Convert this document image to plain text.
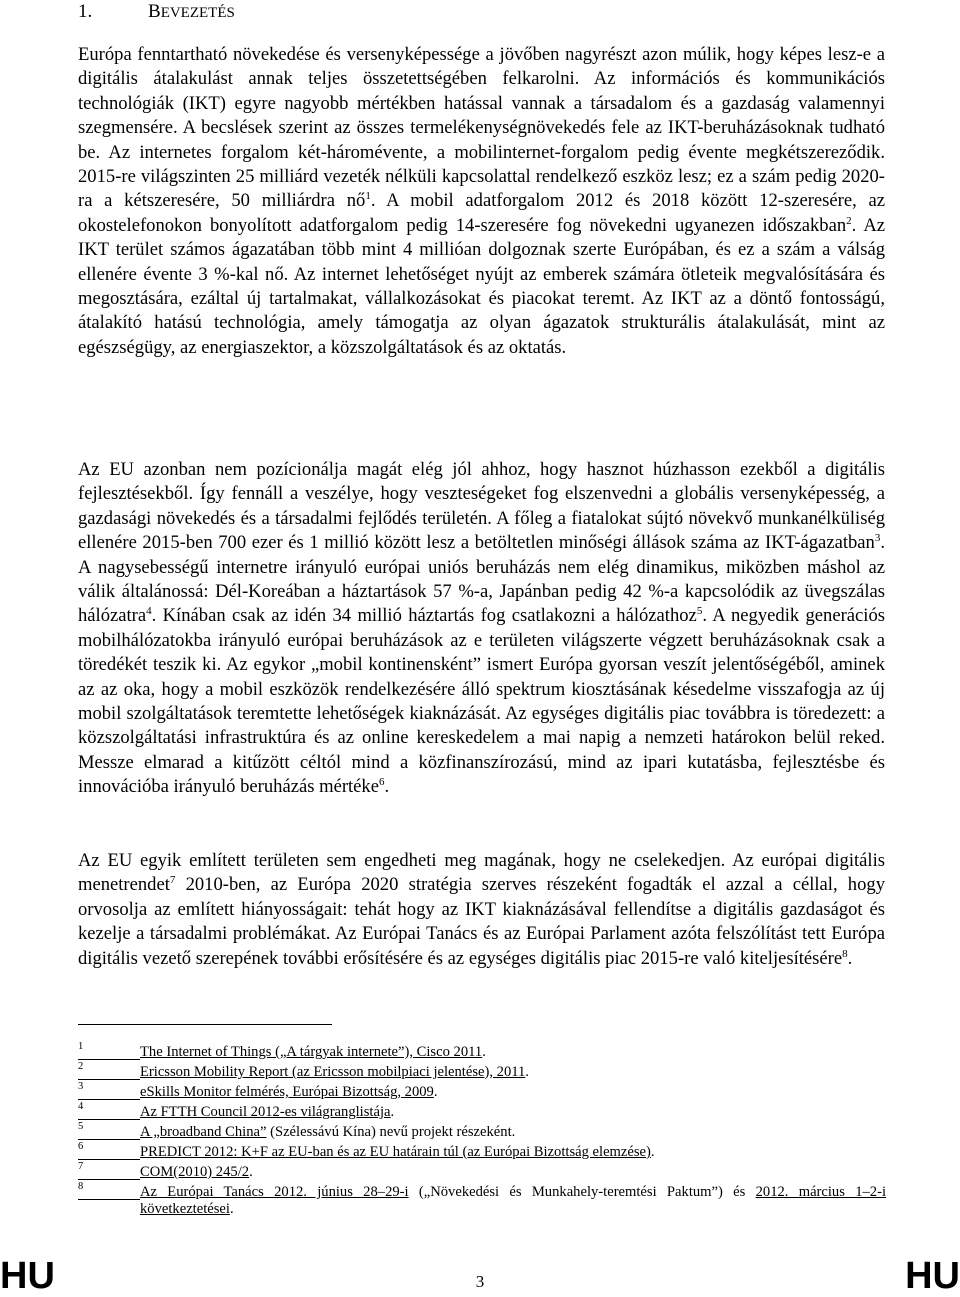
1.	BEVEZETÉS

Európa fenntartható növekedése és versenyképessége a jövőben nagyrészt azon múlik, hogy képes lesz-e a digitális átalakulást annak teljes összetettségében felkarolni. Az információs és kommunikációs technológiák (IKT) egyre nagyobb mértékben hatással vannak a társadalom és a gazdaság valamennyi szegmensére. A becslések szerint az összes termelékenységnövekedés fele az IKT-beruházásoknak tudható be. Az internetes forgalom két-háromévente, a mobilinternet-forgalom pedig évente megkétszereződik. 2015-re világszinten 25 milliárd vezeték nélküli kapcsolattal rendelkező eszköz lesz; ez a szám pedig 2020-ra a kétszeresére, 50 milliárdra $nő^1$. A mobil adatforgalom 2012 és 2018 között 12-szeresére, az okostelefonokon bonyolított adatforgalom pedig 14-szeresére fog növekedni ugyanezen időszakban$^2$. Az IKT terület számos ágazatában több mint 4 millióan dolgoznak szerte Európában, és ez a szám a válság ellenére évente 3 %-kal nő. Az internet lehetőséget nyújt az emberek számára ötleteik megvalósítására és megosztására, ezáltal új tartalmakat, vállalkozásokat és piacokat teremt. Az IKT az a döntő fontosságú, átalakító hatású technológia, amely támogatja az olyan ágazatok strukturális átalakulását, mint az egészségügy, az energiaszektor, a közszolgáltatások és az oktatás.

Az EU azonban nem pozícionálja magát elég jól ahhoz, hogy hasznot húzhasson ezekből a digitális fejlesztésekből. Így fennáll a veszélye, hogy veszteségeket fog elszenvedni a globális versenyképesség, a gazdasági növekedés és a társadalmi fejlődés területén. A főleg a fiatalokat sújtó növekvő munkanélküliség ellenére 2015-ben 700 ezer és 1 millió között lesz a betöltetlen minőségi állások száma az IKT-ágazatban$^3$. A nagysebességű internetre irányuló európai uniós beruházás nem elég dinamikus, miközben máshol az válik általánossá: Dél-Koreában a háztartások 57 %-a, Japánban pedig 42 %-a kapcsolódik az üvegszálas hálózatra$^4$. Kínában csak az idén 34 millió háztartás fog csatlakozni a hálózathoz$^5$. A negyedik generációs mobilhálózatokba irányuló európai beruházások az e területen világszerte végzett beruházásoknak csak a töredékét teszik ki. Az egykor „mobil kontinensként” ismert Európa gyorsan veszít jelentőségéből, aminek az az oka, hogy a mobil eszközök rendelkezésére álló spektrum kiosztásának késedelme visszafogja az új mobil szolgáltatások teremtette lehetőségek kiaknázását. Az egységes digitális piac továbbra is töredezett: a közszolgáltatási infrastruktúra és az online kereskedelem a mai napig a nemzeti határokon belül reked. Messze elmarad a kitűzött céltól mind a közfinanszírozású, mind az ipari kutatásba, fejlesztésbe és innovációba irányuló beruházás mértéke$^6$.

Az EU egyik említett területen sem engedheti meg magának, hogy ne cselekedjen. Az európai digitális menetrendet$^7$ 2010-ben, az Európa 2020 stratégia szerves részeként fogadták el azzal a céllal, hogy orvosolja az említett hiányosságait: tehát hogy az IKT kiaknázásával fellendítse a digitális gazdaságot és kezelje a társadalmi problémákat. Az Európai Tanács és az Európai Parlament azóta felszólítást tett Európa digitális vezető szerepének további erősítésére és az egységes digitális piac 2015-re való kiteljesítésére$^8$.

1	The Internet of Things („A tárgyak internete”), Cisco 2011.
2	Ericsson Mobility Report (az Ericsson mobilpiaci jelentése), 2011.
3	eSkills Monitor felmérés, Európai Bizottság, 2009.
4	Az FTTH Council 2012-es világranglistája.
5	A „broadband China” (Szélessávú Kína) nevű projekt részeként.
6	PREDICT 2012: K+F az EU-ban és az EU határain túl (az Európai Bizottság elemzése).
7	COM(2010) 245/2.
8	Az Európai Tanács 2012. június 28–29-i („Növekedési és Munkahely-teremtési Paktum”) és 2012. március 1–2-i következtetései.
HU	HU
3
